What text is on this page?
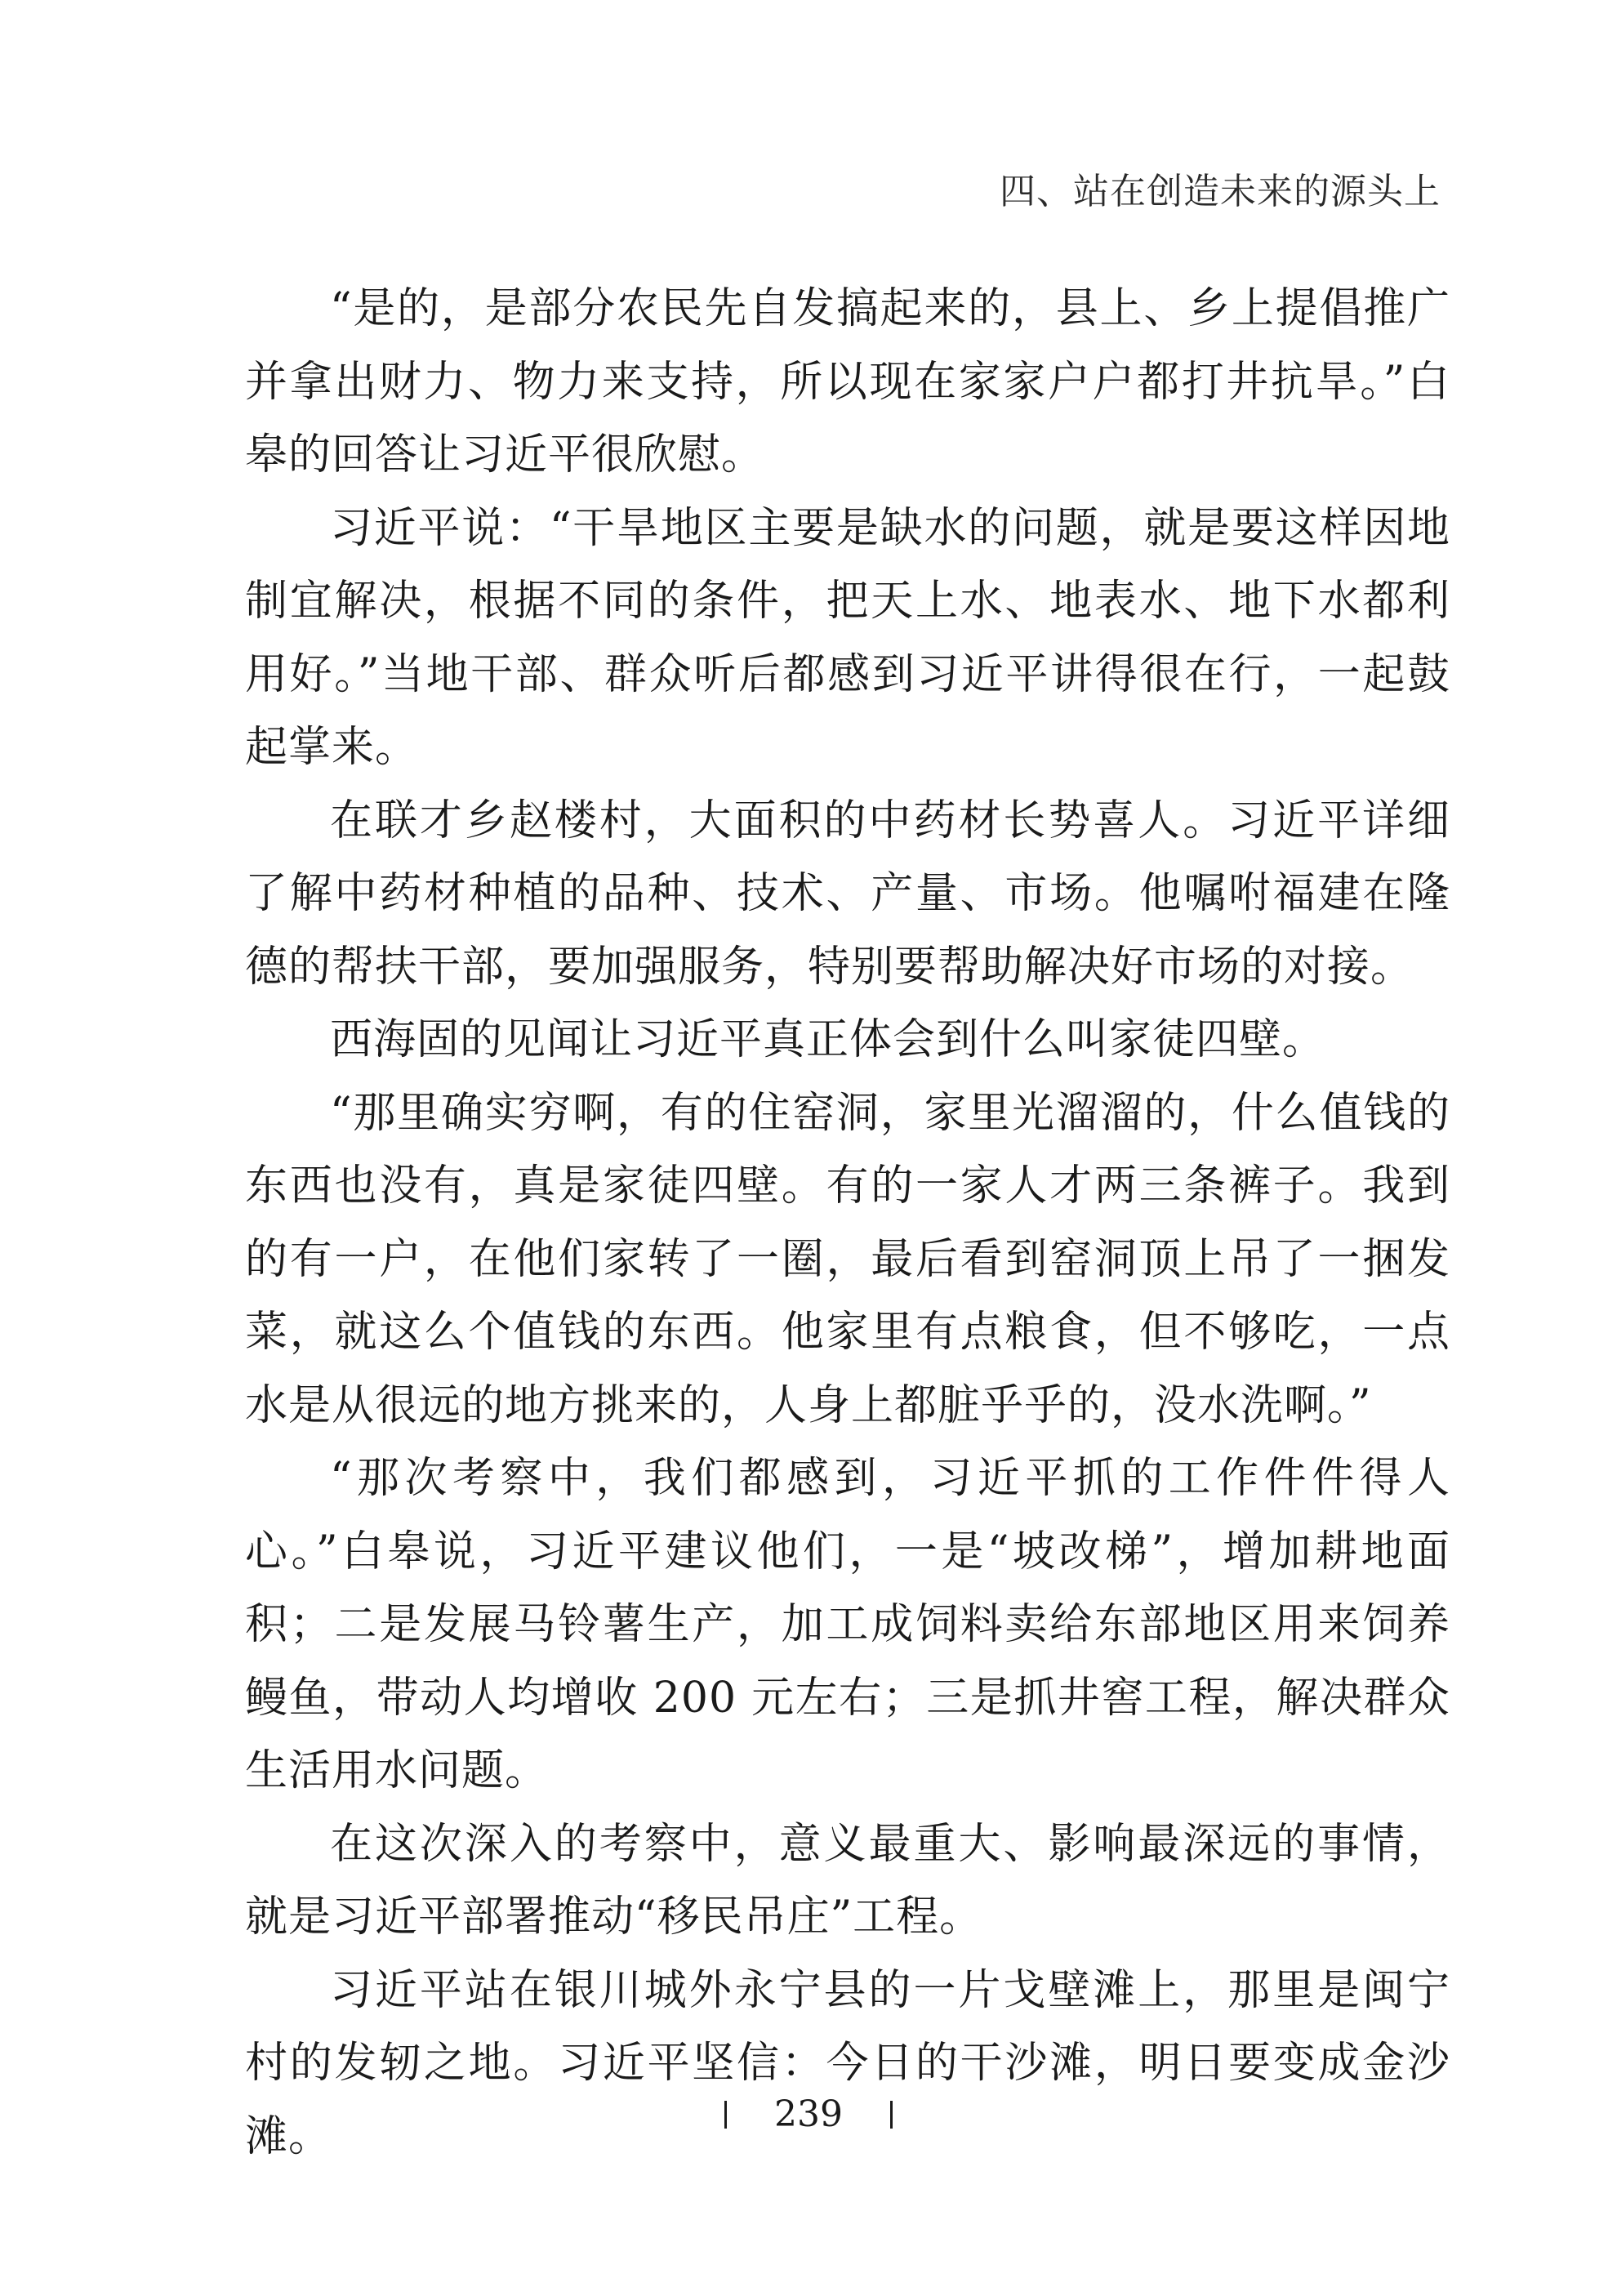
四、站在创造未来的源头上

“是的，是部分农民先自发搞起来的，县上、乡上提倡推广并拿出财力、物力来支持，所以现在家家户户都打井抗旱。”白皋的回答让习近平很欣慰。

习近平说：“干旱地区主要是缺水的问题，就是要这样因地制宜解决，根据不同的条件，把天上水、地表水、地下水都利用好。”当地干部、群众听后都感到习近平讲得很在行，一起鼓起掌来。

在联才乡赵楼村，大面积的中药材长势喜人。习近平详细了解中药材种植的品种、技术、产量、市场。他嘱咐福建在隆德的帮扶干部，要加强服务，特别要帮助解决好市场的对接。

西海固的见闻让习近平真正体会到什么叫家徒四壁。

“那里确实穷啊，有的住窑洞，家里光溜溜的，什么值钱的东西也没有，真是家徒四壁。有的一家人才两三条裤子。我到的有一户，在他们家转了一圈，最后看到窑洞顶上吊了一捆发菜，就这么个值钱的东西。他家里有点粮食，但不够吃，一点水是从很远的地方挑来的，人身上都脏乎乎的，没水洗啊。”

“那次考察中，我们都感到，习近平抓的工作件件得人心。”白皋说，习近平建议他们，一是“坡改梯”，增加耕地面积；二是发展马铃薯生产，加工成饲料卖给东部地区用来饲养鳗鱼，带动人均增收 200 元左右；三是抓井窖工程，解决群众生活用水问题。

在这次深入的考察中，意义最重大、影响最深远的事情，就是习近平部署推动“移民吊庄”工程。

习近平站在银川城外永宁县的一片戈壁滩上，那里是闽宁村的发轫之地。习近平坚信：今日的干沙滩，明日要变成金沙滩。	239
